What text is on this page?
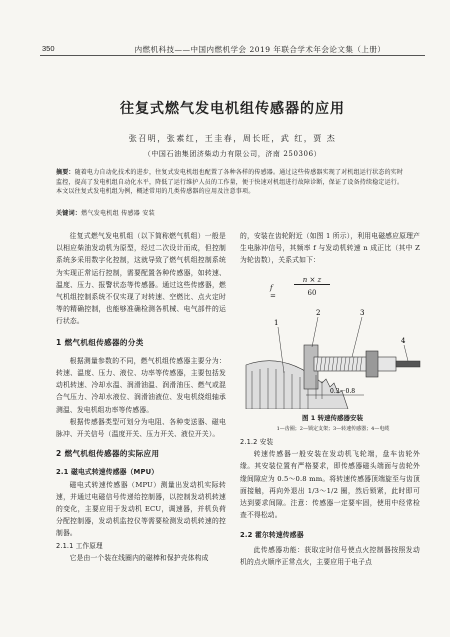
350	内燃机科技——中国内燃机学会 2019 年联合学术年会论文集（上册）
往复式燃气发电机组传感器的应用
张召明，张素红，王圭春，周长旺，武 红，贾 杰
（中国石油集团济柴动力有限公司，济南 250306）
摘要：随着电力自动化技术的进步，往复式发电机组也配置了各种各样的传感器。通过这些传感器实现了对机组运行状态的实时监控，提高了发电机组自动化水平，降低了运行维护人员的工作量，便于快速对机组进行故障诊断，保证了设备持续稳定运行。本文以往复式发电机组为例，概述常用的几类传感器的应用及注意事项。
关键词：燃气发电机组 传感器 安装

往复式燃气发电机组（以下简称燃气机组）一般是以相应柴油发动机为原型，经过二次设计而成，但控制系统多采用数字化控制，这就导致了燃气机组控制系统为实现正常运行控制，需要配置各种传感器，如转速、温度、压力、报警状态等传感器。通过这些传感器，燃气机组控制系统不仅实现了对转速、空燃比、点火定时等的精确控制，也能够准确检测各机械、电气部件的运行状态。

1 燃气机组传感器的分类

根据测量参数的不同，燃气机组传感器主要分为：转速、温度、压力、液位、功率等传感器，主要包括发动机转速、冷却水温、润滑油温、润滑油压、燃气或混合气压力、冷却水液位、润滑油液位、发电机绕组轴承测温、发电机组功率等传感器。

根据传感器类型可划分为电阻、各种变送器、磁电脉冲、开关信号（温度开关、压力开关、液位开关）。

2 燃气机组传感器的实际应用
2.1 磁电式转速传感器（MPU）

磁电式转速传感器（MPU）测量出发动机实际转速，并通过电磁信号传递给控制器，以控制发动机转速的变化，主要应用于发动机 ECU，调速器，并机负荷分配控制器，发动机监控仪等需要检测发动机转速的控制器。

2.1.1 工作原理

它是由一个装在线圈内的磁棒和保护壳体构成

的，安装在齿轮附近（如图 1 所示），利用电磁感应原理产生电脉冲信号，其频率 f 与发动机转速 n 成正比（其中 Z 为轮齿数），关系式如下：

f =
n × z
60
1
2	3
4
0.3～0.8
图 1 转速传感器安装
1—齿圈；2—锁定支架；3—转速传感器；4—电缆
2.1.2 安装

转速传感器一般安装在发动机飞轮端，盘车齿轮外缘。其安装位置有严格要求，即传感器磁头端面与齿轮外缘间隙应为 0.5～0.8 mm。将转速传感器顶端旋至与齿顶面接触，再向外退出 1/3～1/2 圈，然后锁紧，此时即可达到要求间隙。注意：传感器一定要牢固，使用中经常检查不得松动。

2.2 霍尔转速传感器

此传感器功能：获取定时信号使点火控制器按照发动机的点火顺序正常点火，主要应用于电子点
